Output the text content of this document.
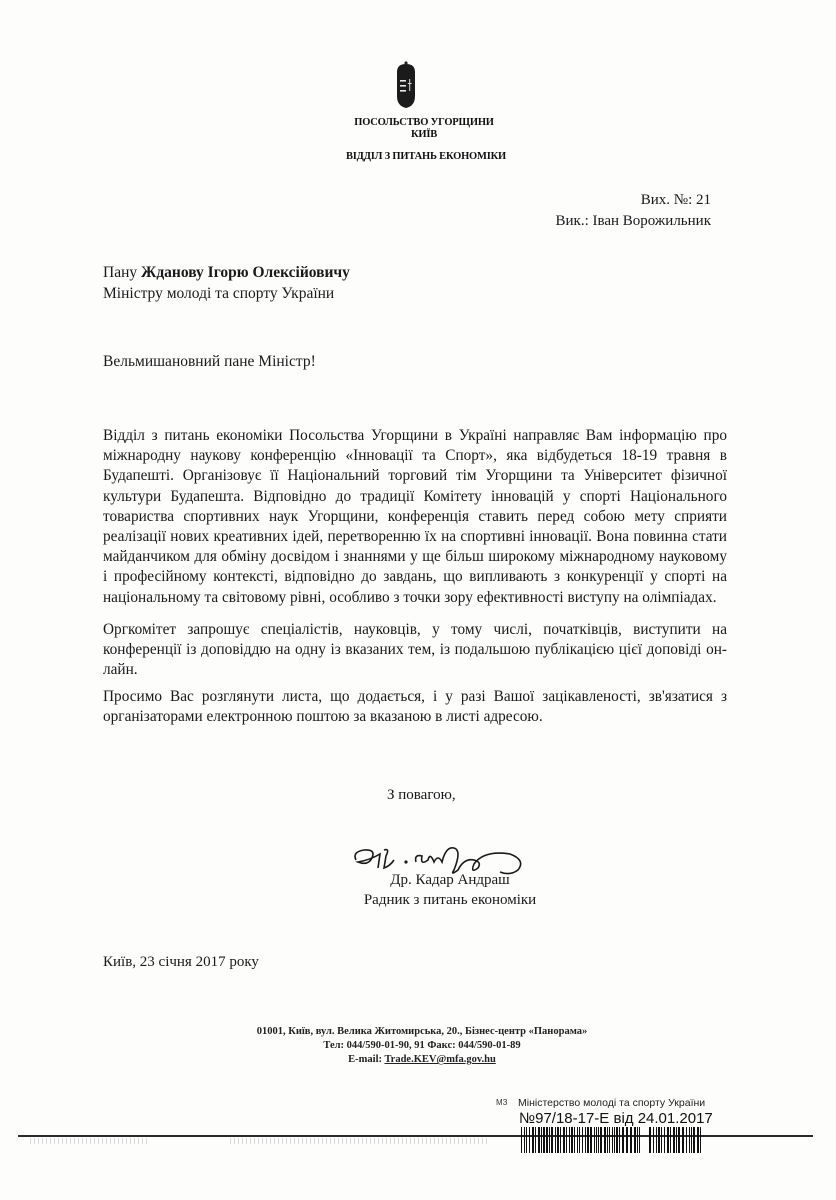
ПОСОЛЬСТВО УГОРЩИНИ
КИЇВ
ВІДДІЛ З ПИТАНЬ ЕКОНОМІКИ
Вих. №: 21
Вик.: Іван Ворожильник
Пану Жданову Ігорю Олексійовичу
Міністру молоді та спорту України
Вельмишановний пане Міністр!
Відділ з питань економіки Посольства Угорщини в Україні направляє Вам інформацію про міжнародну наукову конференцію «Інновації та Спорт», яка відбудеться 18-19 травня в Будапешті. Організовує її Національний торговий тім Угорщини та Університет фізичної культури Будапешта. Відповідно до традиції Комітету інновацій у спорті Національного товариства спортивних наук Угорщини, конференція ставить перед собою мету сприяти реалізації нових креативних ідей, перетворенню їх на спортивні інновації. Вона повинна стати майданчиком для обміну досвідом і знаннями у ще більш широкому міжнародному науковому і професійному контексті, відповідно до завдань, що випливають з конкуренції у спорті на національному та світовому рівні, особливо з точки зору ефективності виступу на олімпіадах.
Оргкомітет запрошує спеціалістів, науковців, у тому числі, початківців, виступити на конференції із доповіддю на одну із вказаних тем, із подальшою публікацією цієї доповіді он-лайн.
Просимо Вас розглянути листа, що додається, і у разі Вашої зацікавленості, зв'язатися з організаторами електронною поштою за вказаною в листі адресою.
З повагою,
Др. Кадар Андраш
Радник з питань економіки
Київ, 23 січня 2017 року
01001, Київ, вул. Велика Житомирська, 20., Бізнес-центр «Панорама»
Тел: 044/590-01-90, 91 Факс: 044/590-01-89
E-mail: Trade.KEV@mfa.gov.hu
МЗ Міністерство молоді та спорту України
№97/18-17-Е від 24.01.2017
